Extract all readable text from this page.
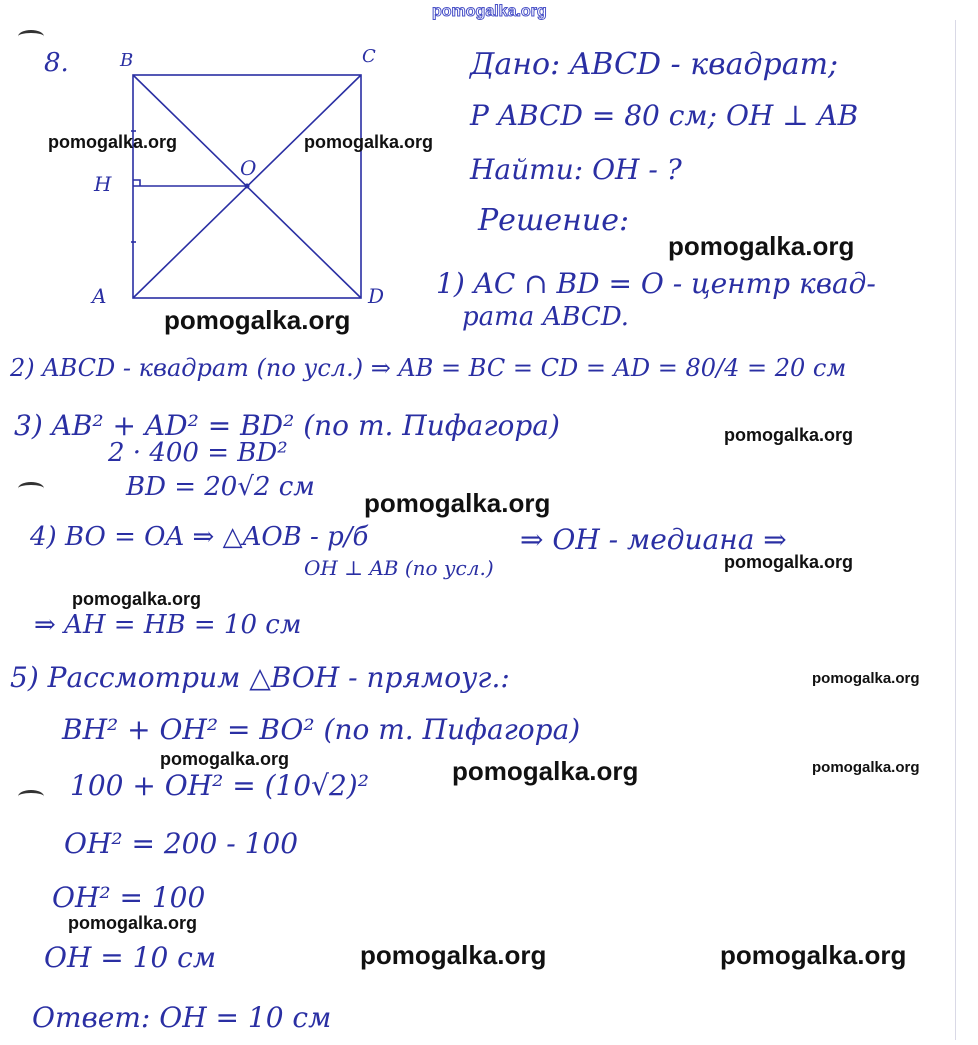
pomogalka.org
8.	B	C
A	D
O
H
Дано: ABCD - квадрат;
P ABCD = 80 см; OH ⊥ AB
Найти: OH - ?
Решение:
1) AC ∩ BD = O - центр квад-
рата ABCD.
2) ABCD - квадрат (по усл.) ⇒ AB = BC = CD = AD = 80/4 = 20 см
3) AB² + AD² = BD² (по т. Пифагора)
2 · 400 = BD²
BD = 20√2 см
4) BO = OA ⇒ △AOB - р/б
OH ⊥ AB (по усл.)
⇒ OH - медиана ⇒
⇒ AH = HB = 10 см
5) Рассмотрим △BOH - прямоуг.:
BH² + OH² = BO² (по т. Пифагора)
100 + OH² = (10√2)²
OH² = 200 - 100
OH² = 100
OH = 10 см
Ответ: OH = 10 см
pomogalka.org	pomogalka.org
pomogalka.org
pomogalka.org
pomogalka.org
pomogalka.org
pomogalka.org
pomogalka.org
pomogalka.org
pomogalka.org	pomogalka.org	pomogalka.org
pomogalka.org
pomogalka.org	pomogalka.org
